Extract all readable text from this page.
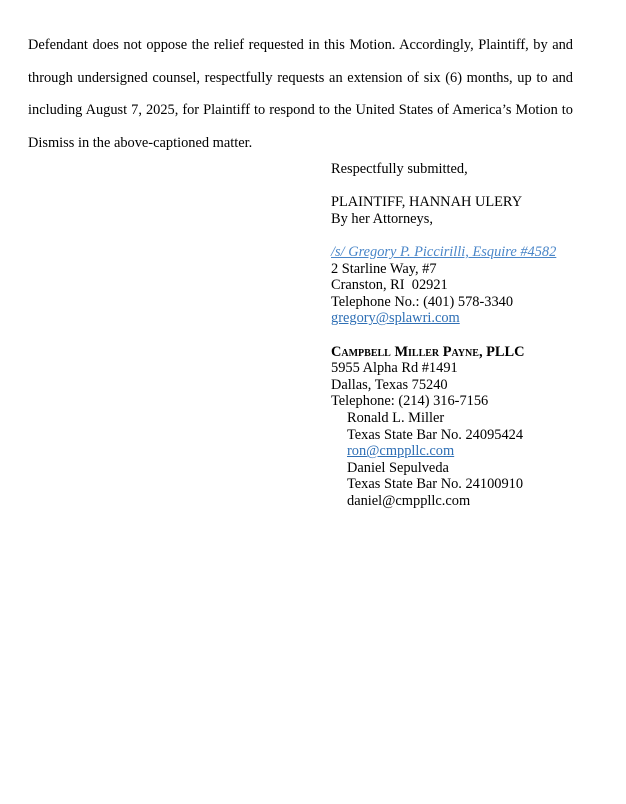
Defendant does not oppose the relief requested in this Motion. Accordingly, Plaintiff, by and
through undersigned counsel, respectfully requests an extension of six (6) months, up to and
including August 7, 2025, for Plaintiff to respond to the United States of America’s Motion to
Dismiss in the above-captioned matter.
Respectfully submitted,
PLAINTIFF, HANNAH ULERY
By her Attorneys,
/s/ Gregory P. Piccirilli, Esquire #4582
2 Starline Way, #7
Cranston, RI  02921
Telephone No.: (401) 578-3340
gregory@splawri.com
Campbell Miller Payne, PLLC
5955 Alpha Rd #1491
Dallas, Texas 75240
Telephone: (214) 316-7156
Ronald L. Miller
Texas State Bar No. 24095424
ron@cmppllc.com
Daniel Sepulveda
Texas State Bar No. 24100910
daniel@cmppllc.com
